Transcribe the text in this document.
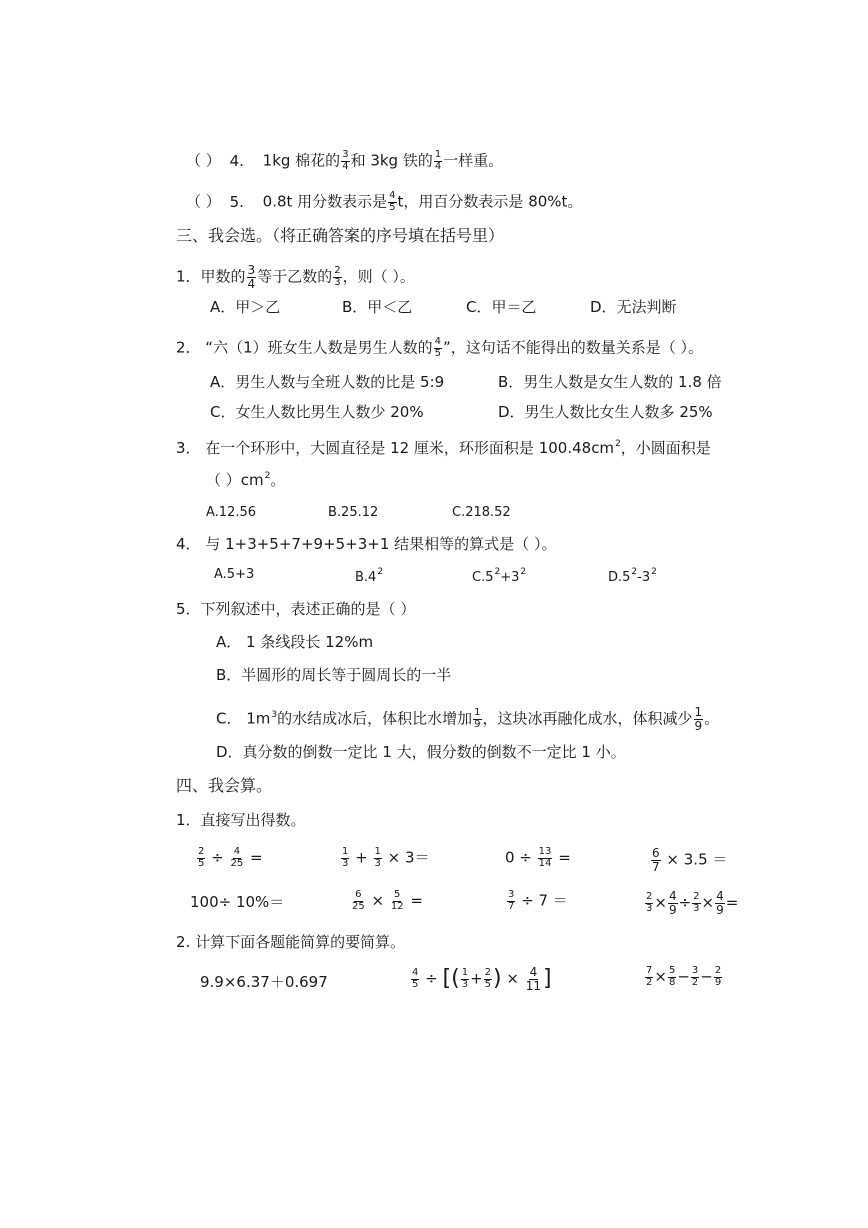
（ ） 4. 1kg 棉花的 $\frac{3}{4}$ 和 3kg 铁的 $\frac{1}{4}$ 一样重。
（ ） 5. 0.8t 用分数表示是 $\frac{4}{5}$ t，用百分数表示是 80%t。
三、我会选。（将正确答案的序号填在括号里）
1．甲数的 $\frac{3}{4}$ 等于乙数的 $\frac{2}{3}$ ，则（ ）。
A．甲＞乙	B．甲＜乙	C．甲＝乙	D．无法判断
2． “六（1）班女生人数是男生人数的 $\frac{4}{5}$ ”，这句话不能得出的数量关系是（ ）。
A．男生人数与全班人数的比是 5:9	B．男生人数是女生人数的 1.8 倍
C．女生人数比男生人数少 20%	D．男生人数比女生人数多 25%
3． 在一个环形中，大圆直径是 12 厘米，环形面积是 $100.48cm^2$，小圆面积是
（ ）$cm^2$。
A.12.56	B.25.12	C.218.52
4． 与 1+3+5+7+9+5+3+1 结果相等的算式是（ ）。
A.5+3	$B.4^2$	$C.5^2+3^2$	$D.5^2-3^2$
5．下列叙述中，表述正确的是（ ）
A． 1 条线段长 12%m
B．半圆形的周长等于圆周长的一半
C． $1m^3$的水结成冰后，体积比水增加 $\frac{1}{9}$ ，这块冰再融化成水，体积减少 $\frac{1}{9}$ 。
D．真分数的倒数一定比 1 大，假分数的倒数不一定比 1 小。
四、我会算。
1．直接写出得数。
$\frac{2}{5} \div \frac{4}{25}$ =	$\frac{1}{3} + \frac{1}{3} \times 3=$	$0 \div \frac{13}{14}$ =	$\frac{6}{7} \times 3.5$ ＝
100÷ 10%＝	$\frac{6}{25} \times \frac{5}{12}$ =	$\frac{3}{7} \div 7$ ＝	$\frac{2}{3} \times \frac{4}{9} \div \frac{2}{3} \times \frac{4}{9}$ =
2. 计算下面各题能简算的要简算。
9.9×6.37＋0.697	$\frac{4}{5}$ ÷ [( $\frac{1}{3} + \frac{2}{5}$ ) × $\frac{4}{11}$ ]	$\frac{7}{2} \times \frac{5}{8} - \frac{3}{2} - \frac{2}{9}$
